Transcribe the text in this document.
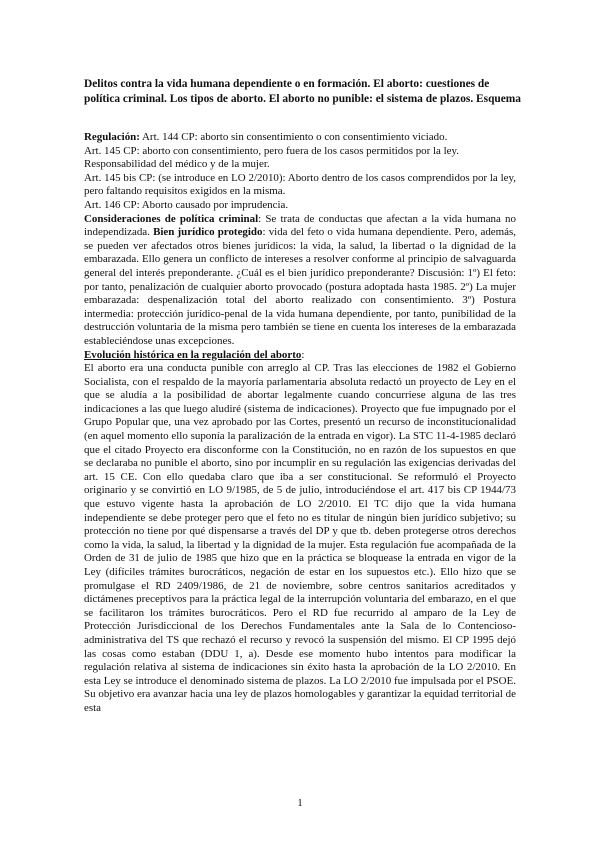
Delitos contra la vida humana dependiente o en formación. El aborto: cuestiones de política criminal. Los tipos de aborto. El aborto no punible: el sistema de plazos. Esquema

Regulación: Art. 144 CP: aborto sin consentimiento o con consentimiento viciado.

Art. 145 CP: aborto con consentimiento, pero fuera de los casos permitidos por la ley.

Responsabilidad del médico y de la mujer.

Art. 145 bis CP: (se introduce en LO 2/2010): Aborto dentro de los casos comprendidos por la ley, pero faltando requisitos exigidos en la misma.

Art. 146 CP: Aborto causado por imprudencia.

Consideraciones de política criminal: Se trata de conductas que afectan a la vida humana no independizada. Bien jurídico protegido: vida del feto o vida humana dependiente. Pero, además, se pueden ver afectados otros bienes jurídicos: la vida, la salud, la libertad o la dignidad de la embarazada. Ello genera un conflicto de intereses a resolver conforme al principio de salvaguarda general del interés preponderante. ¿Cuál es el bien jurídico preponderante? Discusión: 1º) El feto: por tanto, penalización de cualquier aborto provocado (postura adoptada hasta 1985. 2º) La mujer embarazada: despenalización total del aborto realizado con consentimiento. 3º) Postura intermedia: protección jurídico-penal de la vida humana dependiente, por tanto, punibilidad de la destrucción voluntaria de la misma pero también se tiene en cuenta los intereses de la embarazada estableciéndose unas excepciones.

Evolución histórica en la regulación del aborto:

El aborto era una conducta punible con arreglo al CP. Tras las elecciones de 1982 el Gobierno Socialista, con el respaldo de la mayoría parlamentaria absoluta redactó un proyecto de Ley en el que se aludía a la posibilidad de abortar legalmente cuando concurriese alguna de las tres indicaciones a las que luego aludiré (sistema de indicaciones). Proyecto que fue impugnado por el Grupo Popular que, una vez aprobado por las Cortes, presentó un recurso de inconstitucionalidad (en aquel momento ello suponía la paralización de la entrada en vigor). La STC 11-4-1985 declaró que el citado Proyecto era disconforme con la Constitución, no en razón de los supuestos en que se declaraba no punible el aborto, sino por incumplir en su regulación las exigencias derivadas del art. 15 CE. Con ello quedaba claro que iba a ser constitucional. Se reformuló el Proyecto originario y se convirtió en LO 9/1985, de 5 de julio, introduciéndose el art. 417 bis CP 1944/73 que estuvo vigente hasta la aprobación de LO 2/2010. El TC dijo que la vida humana independiente se debe proteger pero que el feto no es titular de ningún bien jurídico subjetivo; su protección no tiene por qué dispensarse a través del DP y que tb. deben protegerse otros derechos como la vida, la salud, la libertad y la dignidad de la mujer. Esta regulación fue acompañada de la Orden de 31 de julio de 1985 que hizo que en la práctica se bloquease la entrada en vigor de la Ley (difíciles trámites burocráticos, negación de estar en los supuestos etc.). Ello hizo que se promulgase el RD 2409/1986, de 21 de noviembre, sobre centros sanitarios acreditados y dictámenes preceptivos para la práctica legal de la interrupción voluntaria del embarazo, en el que se facilitaron los trámites burocráticos. Pero el RD fue recurrido al amparo de la Ley de Protección Jurisdiccional de los Derechos Fundamentales ante la Sala de lo Contencioso-administrativa del TS que rechazó el recurso y revocó la suspensión del mismo. El CP 1995 dejó las cosas como estaban (DDU 1, a). Desde ese momento hubo intentos para modificar la regulación relativa al sistema de indicaciones sin éxito hasta la aprobación de la LO 2/2010. En esta Ley se introduce el denominado sistema de plazos. La LO 2/2010 fue impulsada por el PSOE. Su objetivo era avanzar hacia una ley de plazos homologables y garantizar la equidad territorial de esta

1
